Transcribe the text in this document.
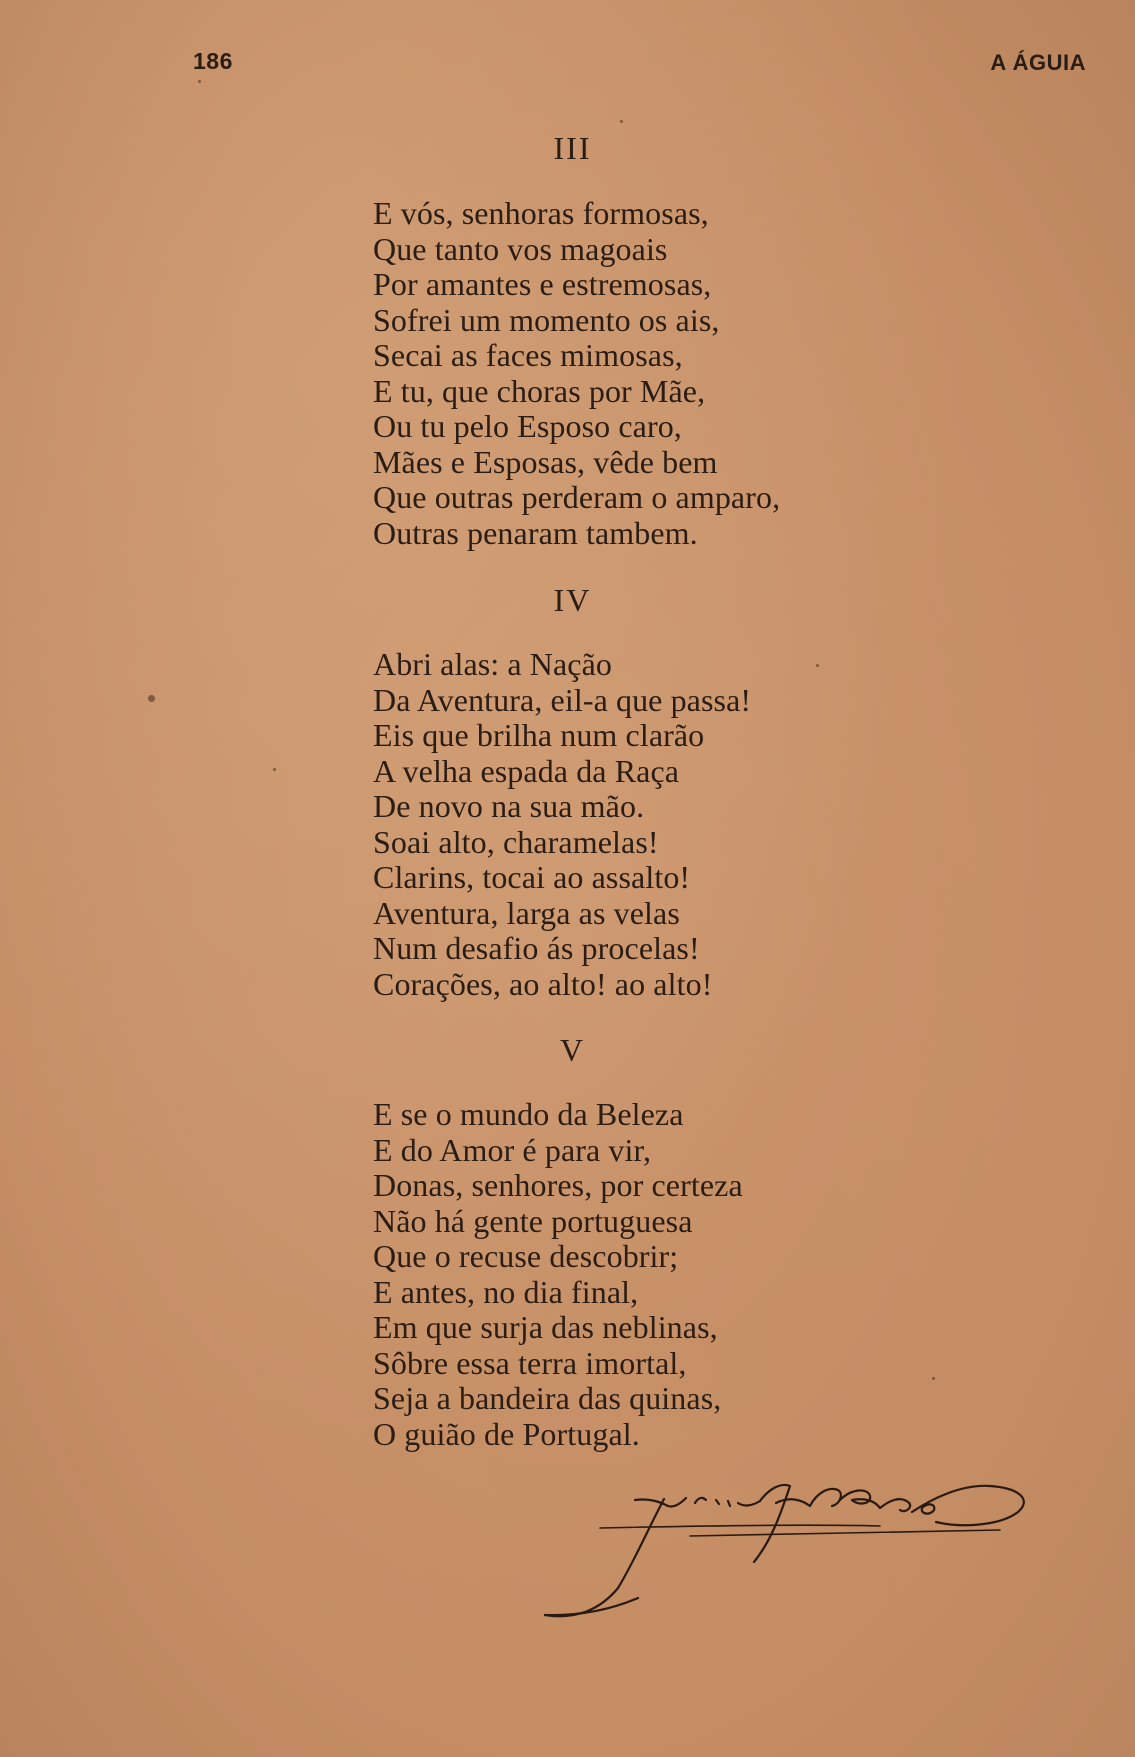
186	A ÁGUIA
III
E vós, senhoras formosas,
Que tanto vos magoais
Por amantes e estremosas,
Sofrei um momento os ais,
Secai as faces mimosas,
E tu, que choras por Mãe,
Ou tu pelo Esposo caro,
Mães e Esposas, vêde bem
Que outras perderam o amparo,
Outras penaram tambem.
IV
Abri alas: a Nação
Da Aventura, eil-a que passa!
Eis que brilha num clarão
A velha espada da Raça
De novo na sua mão.
Soai alto, charamelas!
Clarins, tocai ao assalto!
Aventura, larga as velas
Num desafio ás procelas!
Corações, ao alto! ao alto!
V
E se o mundo da Beleza
E do Amor é para vir,
Donas, senhores, por certeza
Não há gente portuguesa
Que o recuse descobrir;
E antes, no dia final,
Em que surja das neblinas,
Sôbre essa terra imortal,
Seja a bandeira das quinas,
O guião de Portugal.
